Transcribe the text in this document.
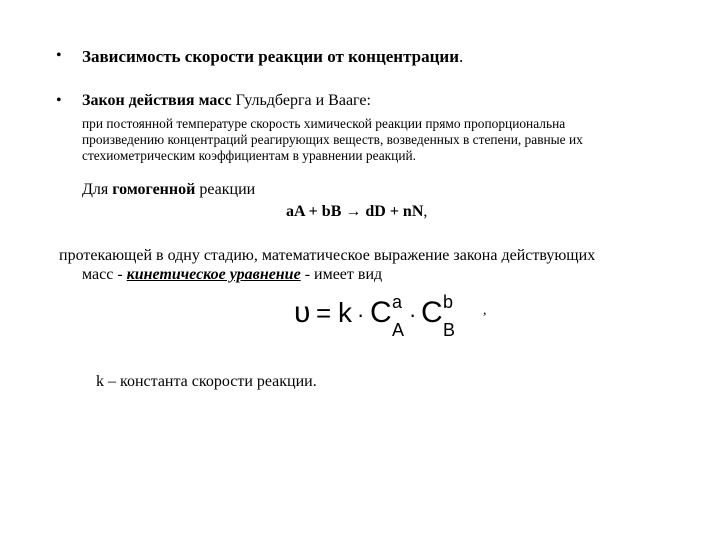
• Зависимость скорости реакции от концентрации.
• Закон действия масс Гульдберга и Вааге:
при постоянной температуре скорость химической реакции прямо пропорциональна
произведению концентраций реагирующих веществ, возведенных в степени, равные их
стехиометрическим коэффициентам в уравнении реакций.
Для гомогенной реакции
aA + bB → dD + nN,
протекающей в одну стадию, математическое выражение закона действующих
масс - кинетическое уравнение - имеет вид
υ = k · C a
A
· C b
B
,
k – константа скорости реакции.
